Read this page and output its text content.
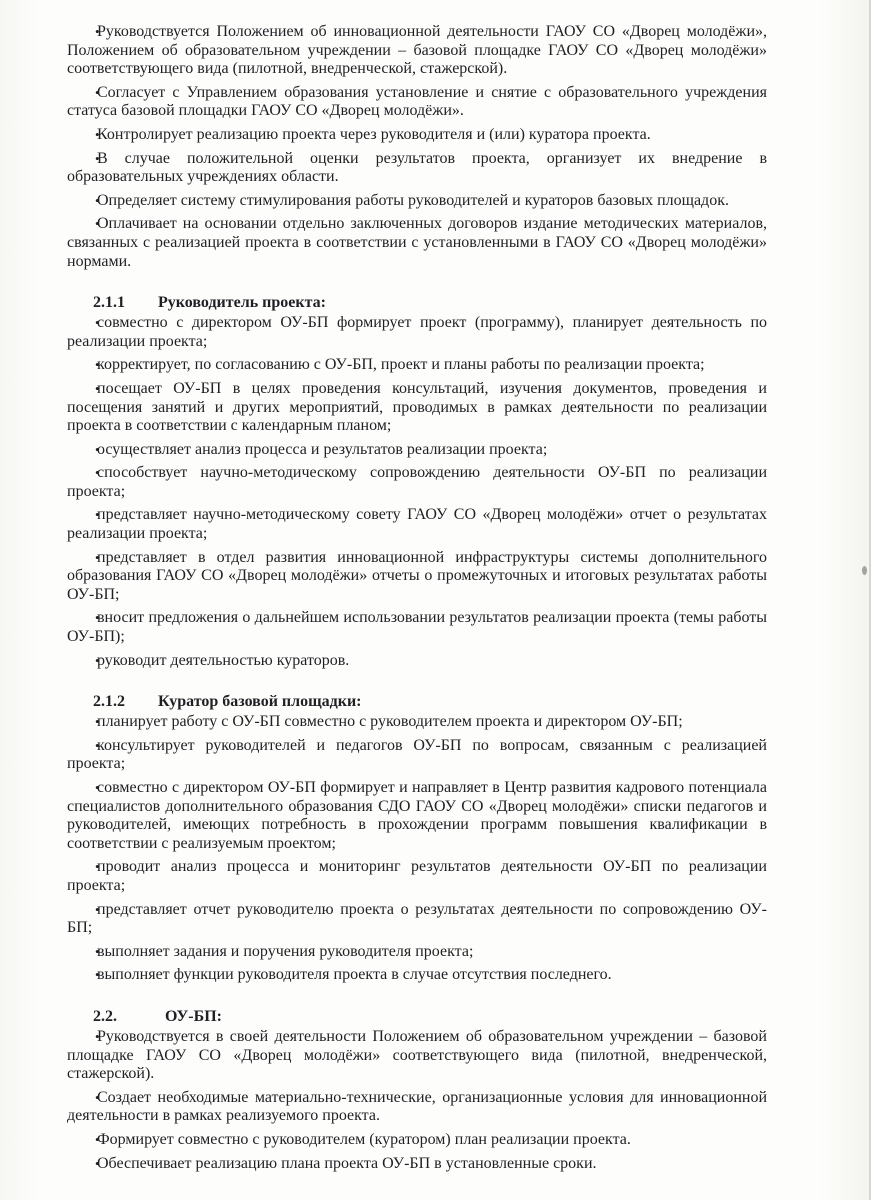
• Руководствуется Положением об инновационной деятельности ГАОУ СО «Дворец молодёжи», Положением об образовательном учреждении – базовой площадке ГАОУ СО «Дворец молодёжи» соответствующего вида (пилотной, внедренческой, стажерской).

• Согласует с Управлением образования установление и снятие с образовательного учреждения статуса базовой площадки ГАОУ СО «Дворец молодёжи».

• Контролирует реализацию проекта через руководителя и (или) куратора проекта.

• В случае положительной оценки результатов проекта, организует их внедрение в образовательных учреждениях области.

• Определяет систему стимулирования работы руководителей и кураторов базовых площадок.

• Оплачивает на основании отдельно заключенных договоров издание методических материалов, связанных с реализацией проекта в соответствии с установленными в ГАОУ СО «Дворец молодёжи» нормами.

2.1.1	Руководитель проекта:

• совместно с директором ОУ-БП формирует проект (программу), планирует деятельность по реализации проекта;

• корректирует, по согласованию с ОУ-БП, проект и планы работы по реализации проекта;

• посещает ОУ-БП в целях проведения консультаций, изучения документов, проведения и посещения занятий и других мероприятий, проводимых в рамках деятельности по реализации проекта в соответствии с календарным планом;

• осуществляет анализ процесса и результатов реализации проекта;

• способствует научно-методическому сопровождению деятельности ОУ-БП по реализации проекта;

• представляет научно-методическому совету ГАОУ СО «Дворец молодёжи» отчет о результатах реализации проекта;

• представляет в отдел развития инновационной инфраструктуры системы дополнительного образования ГАОУ СО «Дворец молодёжи» отчеты о промежуточных и итоговых результатах работы ОУ-БП;

• вносит предложения о дальнейшем использовании результатов реализации проекта (темы работы ОУ-БП);

• руководит деятельностью кураторов.

2.1.2	Куратор базовой площадки:

• планирует работу с ОУ-БП совместно с руководителем проекта и директором ОУ-БП;

• консультирует руководителей и педагогов ОУ-БП по вопросам, связанным с реализацией проекта;

• совместно с директором ОУ-БП формирует и направляет в Центр развития кадрового потенциала специалистов дополнительного образования СДО ГАОУ СО «Дворец молодёжи» списки педагогов и руководителей, имеющих потребность в прохождении программ повышения квалификации в соответствии с реализуемым проектом;

• проводит анализ процесса и мониторинг результатов деятельности ОУ-БП по реализации проекта;

• представляет отчет руководителю проекта о результатах деятельности по сопровождению ОУ-БП;

• выполняет задания и поручения руководителя проекта;

• выполняет функции руководителя проекта в случае отсутствия последнего.

2.2.	ОУ-БП:

• Руководствуется в своей деятельности Положением об образовательном учреждении – базовой площадке ГАОУ СО «Дворец молодёжи» соответствующего вида (пилотной, внедренческой, стажерской).

• Создает необходимые материально-технические, организационные условия для инновационной деятельности в рамках реализуемого проекта.

• Формирует совместно с руководителем (куратором) план реализации проекта.

• Обеспечивает реализацию плана проекта ОУ-БП в установленные сроки.
